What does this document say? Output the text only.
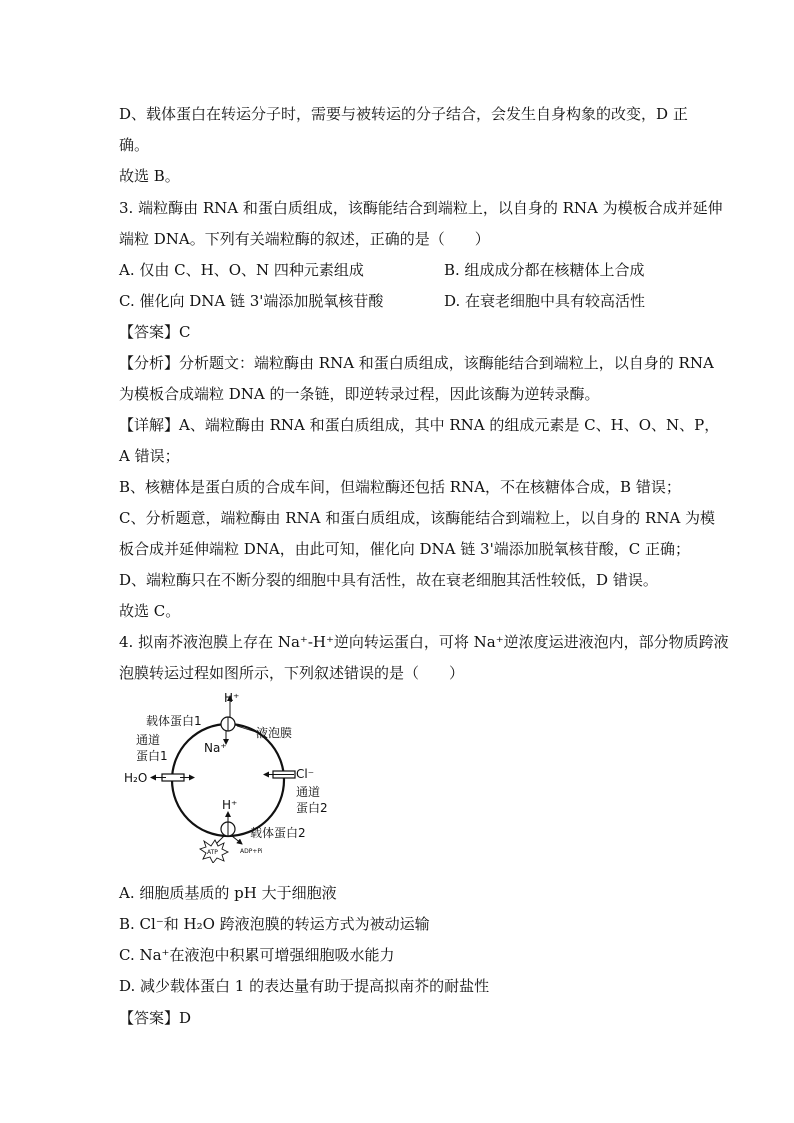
D、载体蛋白在转运分子时，需要与被转运的分子结合，会发生自身构象的改变，D 正
确。
故选 B。
3. 端粒酶由 RNA 和蛋白质组成，该酶能结合到端粒上，以自身的 RNA 为模板合成并延伸
端粒 DNA。下列有关端粒酶的叙述，正确的是（　　）
A. 仅由 C、H、O、N 四种元素组成	B. 组成成分都在核糖体上合成
C. 催化向 DNA 链 3'端添加脱氧核苷酸	D. 在衰老细胞中具有较高活性
【答案】C
【分析】分析题文：端粒酶由 RNA 和蛋白质组成，该酶能结合到端粒上，以自身的 RNA
为模板合成端粒 DNA 的一条链，即逆转录过程，因此该酶为逆转录酶。
【详解】A、端粒酶由 RNA 和蛋白质组成，其中 RNA 的组成元素是 C、H、O、N、P，
A 错误；
B、核糖体是蛋白质的合成车间，但端粒酶还包括 RNA，不在核糖体合成，B 错误；
C、分析题意，端粒酶由 RNA 和蛋白质组成，该酶能结合到端粒上，以自身的 RNA 为模
板合成并延伸端粒 DNA，由此可知，催化向 DNA 链 3'端添加脱氧核苷酸，C 正确；
D、端粒酶只在不断分裂的细胞中具有活性，故在衰老细胞其活性较低，D 错误。
故选 C。
4. 拟南芥液泡膜上存在 Na⁺-H⁺逆向转运蛋白，可将 Na⁺逆浓度运进液泡内，部分物质跨液
泡膜转运过程如图所示，下列叙述错误的是（　　）
H⁺
载体蛋白1
Na⁺
液泡膜
通道
蛋白1
H₂O	Cl⁻
通道
蛋白2
H⁺
载体蛋白2
ATP	ADP+Pi
A. 细胞质基质的 pH 大于细胞液
B. Cl⁻和 H₂O 跨液泡膜的转运方式为被动运输
C. Na⁺在液泡中积累可增强细胞吸水能力
D. 减少载体蛋白 1 的表达量有助于提高拟南芥的耐盐性
【答案】D
